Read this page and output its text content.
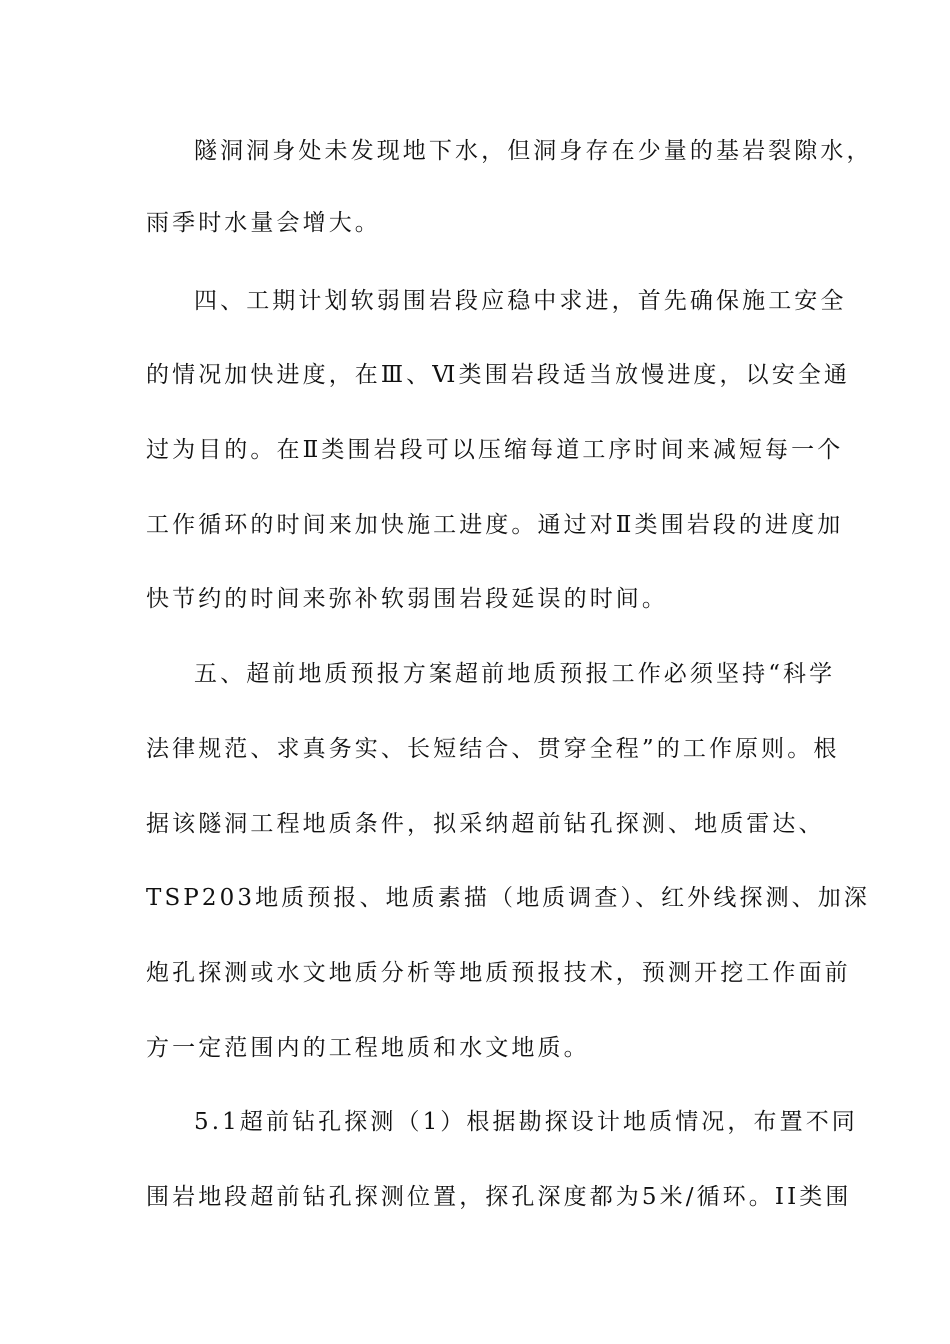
隧洞洞身处未发现地下水，但洞身存在少量的基岩裂隙水，
雨季时水量会增大。
四、工期计划软弱围岩段应稳中求进，首先确保施工安全
的情况加快进度，在Ⅲ、Ⅵ类围岩段适当放慢进度，以安全通
过为目的。在Ⅱ类围岩段可以压缩每道工序时间来减短每一个
工作循环的时间来加快施工进度。通过对Ⅱ类围岩段的进度加
快节约的时间来弥补软弱围岩段延误的时间。
五、超前地质预报方案超前地质预报工作必须坚持“科学
法律规范、求真务实、长短结合、贯穿全程”的工作原则。根
据该隧洞工程地质条件，拟采纳超前钻孔探测、地质雷达、
TSP203地质预报、地质素描（地质调查）、红外线探测、加深
炮孔探测或水文地质分析等地质预报技术，预测开挖工作面前
方一定范围内的工程地质和水文地质。
5.1超前钻孔探测（1）根据勘探设计地质情况，布置不同
围岩地段超前钻孔探测位置，探孔深度都为5米/循环。II类围
